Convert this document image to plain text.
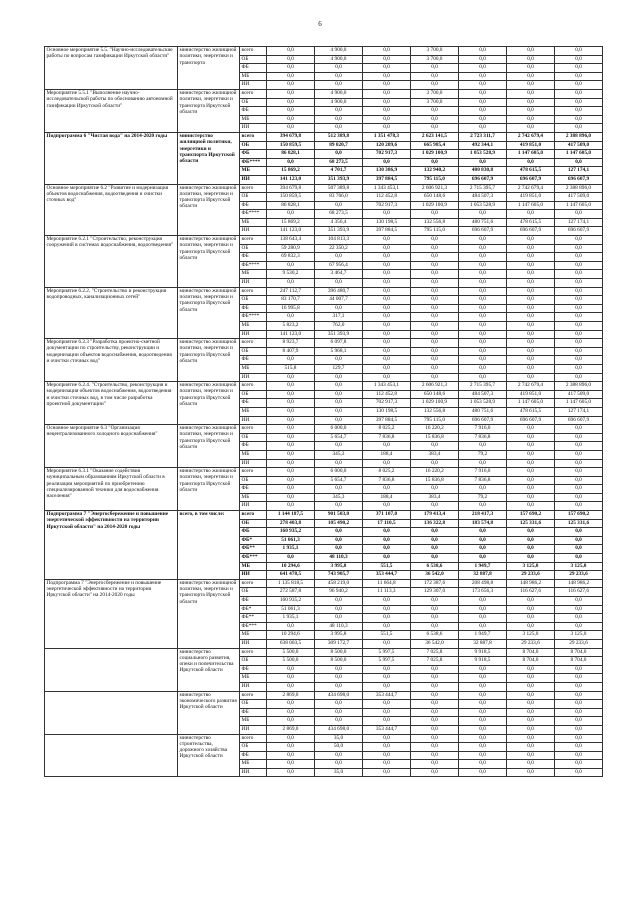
6
Основное мероприятие 5.5. "Научно-исследовательские работы по вопросам газификации Иркутской области"	министерство жилищной политики, энергетики и транспорта	всего	0,0	4 900,0	0,0	3 700,0	0,0	0,0	0,0
		ОБ	0,0	4 900,0	0,0	3 700,0	0,0	0,0	0,0
		ФБ	0,0	0,0	0,0	0,0	0,0	0,0	0,0
		МБ	0,0	0,0	0,0	0,0	0,0	0,0	0,0
		ИИ	0,0	0,0	0,0	0,0	0,0	0,0	0,0
Мероприятие 5.5.1 "Выполнение научно-исследовательской работы по обоснованию автономной газификации Иркутской области"	министерство жилищной политики, энергетики и транспорта Иркутской области	всего	0,0	4 900,0	0,0	3 700,0	0,0	0,0	0,0
		ОБ	0,0	4 900,0	0,0	3 700,0	0,0	0,0	0,0
		ФБ	0,0	0,0	0,0	0,0	0,0	0,0	0,0
		МБ	0,0	0,0	0,0	0,0	0,0	0,0	0,0
		ИИ	0,0	0,0	0,0	0,0	0,0	0,0	0,0
Подпрограмма 6 "Чистая вода" на 2014-2020 годы	министерство жилищной политики, энергетики и транспорта Иркутской области	всего	394 679,8	512 389,8	1 351 478,3	2 623 141,5	2 723 311,7	2 742 679,4	2 388 896,0
		ОБ	150 859,5	89 020,7	120 209,6	665 985,4	492 344,1	419 851,0	417 509,0
		ФБ	86 828,1	0,0	702 917,3	1 029 100,9	1 053 528,9	1 147 605,0	1 147 605,0
		ФБ****	0,0	68 273,5	0,0	0,0	0,0	0,0	0,0
		МБ	15 869,2	4 701,7	130 386,9	132 940,2	480 830,8	478 615,5	127 174,1
		ИИ	141 123,0	351 393,9	397 884,5	795 115,0	696 607,9	696 607,9	696 607,9
Основное мероприятие 6.2 "Развитие и модернизация объектов водоснабжения, водоотведения и очистки сточных вод"	министерство жилищной политики, энергетики и транспорта Иркутской области	всего	394 679,8	507 389,8	1 343 453,1	2 606 921,3	2 715 395,7	2 742 679,4	2 388 896,0
		ОБ	150 859,5	83 766,0	112 452,8	650 148,6	484 507,3	419 851,0	417 509,0
		ФБ	86 828,1	0,0	702 917,3	1 029 100,9	1 053 528,9	1 147 605,0	1 147 605,0
		ФБ****	0,0	68 273,5	0,0	0,0	0,0	0,0	0,0
		МБ	15 869,2	4 356,4	130 198,5	132 556,8	480 751,6	478 615,5	127 174,1
		ИИ	141 123,0	351 393,9	397 884,5	795 115,0	696 607,9	696 607,9	696 607,9
Мероприятие 6.2.1 "Строительство, реконструкция сооружений в системах водоснабжения, водоотведения"	министерство жилищной политики, энергетики и транспорта Иркутской области	всего	138 643,4	104 813,3	0,0	0,0	0,0	0,0	0,0
		ОБ	59 280,9	22 350,2	0,0	0,0	0,0	0,0	0,0
		ФБ	69 832,3	0,0	0,0	0,0	0,0	0,0	0,0
		ФБ****	0,0	67 956,4	0,0	0,0	0,0	0,0	0,0
		МБ	9 530,2	3 464,7	0,0	0,0	0,0	0,0	0,0
		ИИ	0,0	0,0	0,0	0,0	0,0	0,0	0,0
Мероприятие 6.2.2. "Строительство и реконструкция водопроводных, канализационных сетей"	министерство жилищной политики, энергетики и транспорта Иркутской области	всего	247 112,7	396 480,7	0,0	0,0	0,0	0,0	0,0
		ОБ	83 170,7	44 007,7	0,0	0,0	0,0	0,0	0,0
		ФБ	16 995,8	0,0	0,0	0,0	0,0	0,0	0,0
		ФБ****	0,0	317,1	0,0	0,0	0,0	0,0	0,0
		МБ	5 823,2	762,0	0,0	0,0	0,0	0,0	0,0
		ИИ	141 123,0	351 393,9	0,0	0,0	0,0	0,0	0,0
Мероприятие 6.2.3 "Разработка проектно-сметной документации по строительству, реконструкции и модернизации объектов водоснабжения, водоотведения и очистки сточных вод"	министерство жилищной политики, энергетики и транспорта Иркутской области	всего	8 923,7	6 097,8	0,0	0,0	0,0	0,0	0,0
		ОБ	8 407,9	5 968,1	0,0	0,0	0,0	0,0	0,0
		ФБ	0,0	0,0	0,0	0,0	0,0	0,0	0,0
		МБ	515,8	129,7	0,0	0,0	0,0	0,0	0,0
		ИИ	0,0	0,0	0,0	0,0	0,0	0,0	0,0
Мероприятие 6.2.4. "Строительство, реконструкция и модернизация объектов водоснабжения, водоотведения и очистки сточных вод, в том числе разработка проектной документации"	министерство жилищной политики, энергетики и транспорта Иркутской области	всего	0,0	0,0	1 343 453,1	2 606 921,3	2 715 395,7	2 742 679,4	2 388 896,0
		ОБ	0,0	0,0	112 452,8	650 148,6	484 507,3	419 851,0	417 509,0
		ФБ	0,0	0,0	702 917,3	1 029 100,9	1 053 528,9	1 147 605,0	1 147 605,0
		МБ	0,0	0,0	130 198,5	132 556,8	480 751,6	478 615,5	127 174,1
		ИИ	0,0	0,0	397 884,5	795 115,0	696 607,9	696 607,9	696 607,9
Основное мероприятие 6.3 "Организация нецентрализованного холодного водоснабжения"	министерство жилищной политики, энергетики и транспорта Иркутской области	всего	0,0	6 000,0	8 025,2	16 220,2	7 916,0	0,0	0,0
		ОБ	0,0	5 654,7	7 836,8	15 836,8	7 836,8	0,0	0,0
		ФБ	0,0	0,0	0,0	0,0	0,0	0,0	0,0
		МБ	0,0	345,3	188,4	383,4	79,2	0,0	0,0
		ИИ	0,0	0,0	0,0	0,0	0,0	0,0	0,0
Мероприятие 6.3.1 "Оказание содействия муниципальным образованиям Иркутской области в реализации мероприятий по приобретению специализированной техники для водоснабжения населения"	министерство жилищной политики, энергетики и транспорта Иркутской области	всего	0,0	6 000,0	8 025,2	16 220,2	7 916,0	0,0	0,0
		ОБ	0,0	5 654,7	7 836,8	15 836,8	7 836,8	0,0	0,0
		ФБ	0,0	0,0	0,0	0,0	0,0	0,0	0,0
		МБ	0,0	345,3	188,4	383,4	79,2	0,0	0,0
		ИИ	0,0	0,0	0,0	0,0	0,0	0,0	0,0
Подпрограмма 7 "Энергосбережение и повышение энергетической эффективности на территории Иркутской области" на 2014-2020 годы	всего, в том числе:	всего	1 144 187,5	901 503,0	371 107,0	179 413,4	218 417,3	157 690,2	157 690,2
		ОБ	278 403,8	105 490,2	17 110,5	136 322,8	183 574,8	125 331,6	125 331,6
		ФБ	160 935,2	0,0	0,0	0,0	0,0	0,0	0,0
		ФБ*	51 061,3	0,0	0,0	0,0	0,0	0,0	0,0
		ФБ**	1 935,1	0,0	0,0	0,0	0,0	0,0	0,0
		ФБ***	0,0	48 110,3	0,0	0,0	0,0	0,0	0,0
		МБ	10 294,6	3 995,8	551,5	6 538,6	1 949,7	3 125,0	3 125,0
		ИИ	641 478,5	743 905,7	353 444,7	36 542,0	32 887,8	29 233,6	29 233,6
Подпрограмма 7 "Энергосбережение и повышение энергетической эффективности на территории Иркутской области" на 2014-2020 годы	министерство жилищной политики, энергетики и транспорта Иркутской области	всего	1 135 818,5	458 219,0	11 664,8	172 387,6	208 498,8	148 986,2	148 986,2
		ОБ	272 587,8	96 940,2	11 113,3	129 307,0	173 656,3	116 627,6	116 627,6
		ФБ	160 935,2	0,0	0,0	0,0	0,0	0,0	0,0
		ФБ*	51 061,3	0,0	0,0	0,0	0,0	0,0	0,0
		ФБ**	1 935,1	0,0	0,0	0,0	0,0	0,0	0,0
		ФБ***	0,0	48 110,3	0,0	0,0	0,0	0,0	0,0
		МБ	10 294,6	3 995,8	551,5	6 538,6	1 949,7	3 125,0	3 125,0
		ИИ	638 003,5	309 172,7	0,0	36 542,0	32 887,8	29 233,6	29 233,6
	министерство социального развития, опеки и попечительства Иркутской области	всего	5 500,0	8 500,0	5 997,5	7 025,8	9 918,5	8 704,0	8 704,0
		ОБ	5 500,0	8 500,0	5 997,5	7 025,8	9 918,5	8 704,0	8 704,0
		ФБ	0,0	0,0	0,0	0,0	0,0	0,0	0,0
		МБ	0,0	0,0	0,0	0,0	0,0	0,0	0,0
		ИИ	0,0	0,0	0,0	0,0	0,0	0,0	0,0
	министерство экономического развития Иркутской области	всего	2 869,0	434 698,0	353 444,7	0,0	0,0	0,0	0,0
		ОБ	0,0	0,0	0,0	0,0	0,0	0,0	0,0
		ФБ	0,0	0,0	0,0	0,0	0,0	0,0	0,0
		МБ	0,0	0,0	0,0	0,0	0,0	0,0	0,0
		ИИ	2 869,0	434 698,0	353 444,7	0,0	0,0	0,0	0,0
	министерство строительства, дорожного хозяйства Иркутской области	всего	0,0	35,0	0,0	0,0	0,0	0,0	0,0
		ОБ	0,0	50,0	0,0	0,0	0,0	0,0	0,0
		ФБ	0,0	0,0	0,0	0,0	0,0	0,0	0,0
		МБ	0,0	0,0	0,0	0,0	0,0	0,0	0,0
		ИИ	0,0	35,0	0,0	0,0	0,0	0,0	0,0
